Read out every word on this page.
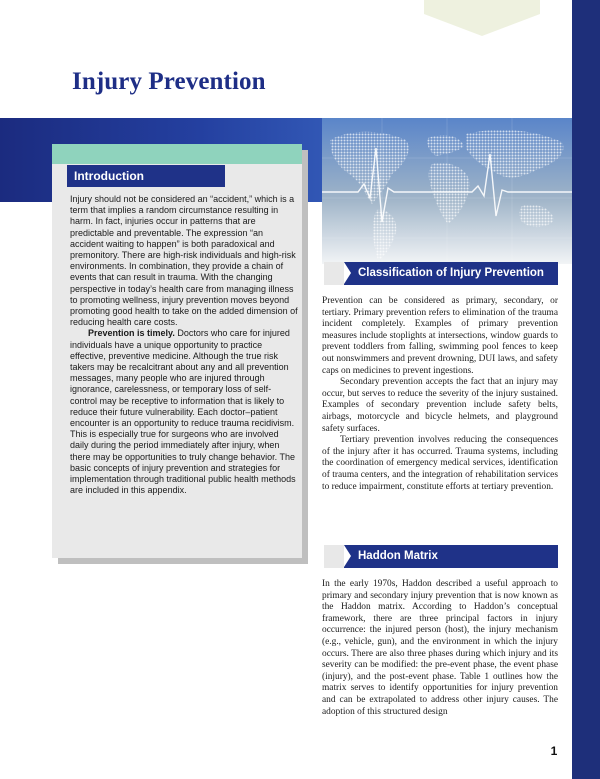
Injury Prevention
Introduction

Injury should not be considered an “accident,” which is a term that implies a random circumstance resulting in harm. In fact, injuries occur in patterns that are predictable and preventable. The expression “an accident waiting to happen” is both paradoxical and premonitory. There are high-risk individuals and high-risk environments. In combination, they provide a chain of events that can result in trauma. With the changing perspective in today’s health care from managing illness to promoting wellness, injury prevention moves beyond promoting good health to take on the added dimension of reducing health care costs.

Prevention is timely. Doctors who care for injured individuals have a unique opportunity to practice effective, preventive medicine. Although the true risk takers may be recalcitrant about any and all prevention messages, many people who are injured through ignorance, carelessness, or temporary loss of self-control may be receptive to information that is likely to reduce their future vulnerability. Each doctor–patient encounter is an opportunity to reduce trauma recidivism. This is especially true for surgeons who are involved daily during the period immediately after injury, when there may be opportunities to truly change behavior. The basic concepts of injury prevention and strategies for implementation through traditional public health methods are included in this appendix.

Classification of Injury Prevention

Prevention can be considered as primary, secondary, or tertiary. Primary prevention refers to elimination of the trauma incident completely. Examples of primary prevention measures include stoplights at intersections, window guards to prevent toddlers from falling, swimming pool fences to keep out nonswimmers and prevent drowning, DUI laws, and safety caps on medicines to prevent ingestions.

Secondary prevention accepts the fact that an injury may occur, but serves to reduce the severity of the injury sustained. Examples of secondary prevention include safety belts, airbags, motorcycle and bicycle helmets, and playground safety surfaces.

Tertiary prevention involves reducing the consequences of the injury after it has occurred. Trauma systems, including the coordination of emergency medical services, identification of trauma centers, and the integration of rehabilitation services to reduce impairment, constitute efforts at tertiary prevention.

Haddon Matrix

In the early 1970s, Haddon described a useful approach to primary and secondary injury prevention that is now known as the Haddon matrix. According to Haddon’s conceptual framework, there are three principal factors in injury occurrence: the injured person (host), the injury mechanism (e.g., vehicle, gun), and the environment in which the injury occurs. There are also three phases during which injury and its severity can be modified: the pre-event phase, the event phase (injury), and the post-event phase. Table 1 outlines how the matrix serves to identify opportunities for injury prevention and can be extrapolated to address other injury causes. The adoption of this structured design

1
